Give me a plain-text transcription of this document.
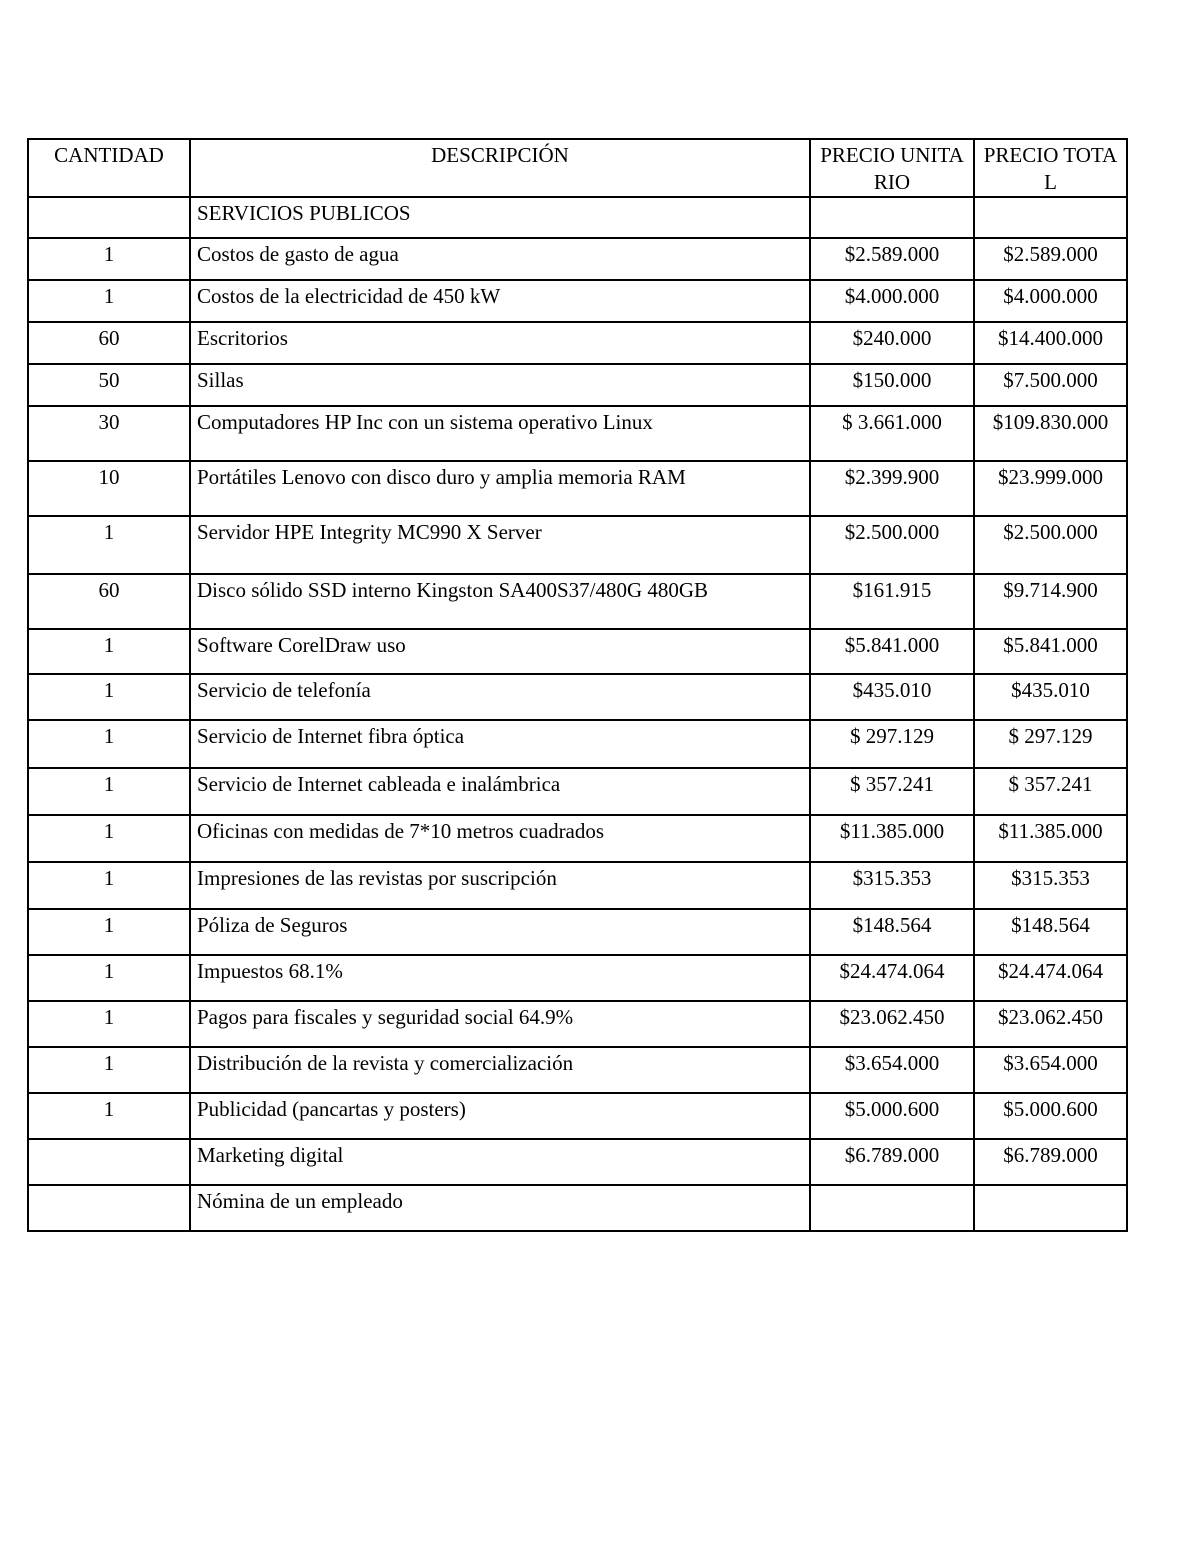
CANTIDAD	DESCRIPCIÓN	PRECIO UNITARIO	PRECIO TOTAL
	SERVICIOS PUBLICOS		
1	Costos de gasto de agua	$2.589.000	$2.589.000
1	Costos de la electricidad de 450 kW	$4.000.000	$4.000.000
60	Escritorios	$240.000	$14.400.000
50	Sillas	$150.000	$7.500.000
30	Computadores HP Inc con un sistema operativo Linux	$ 3.661.000	$109.830.000
10	Portátiles Lenovo con disco duro y amplia memoria RAM	$2.399.900	$23.999.000
1	Servidor HPE Integrity MC990 X Server	$2.500.000	$2.500.000
60	Disco sólido SSD interno Kingston SA400S37/480G 480GB	$161.915	$9.714.900
1	Software CorelDraw uso	$5.841.000	$5.841.000
1	Servicio de telefonía	$435.010	$435.010
1	Servicio de Internet fibra óptica	$ 297.129	$ 297.129
1	Servicio de Internet cableada e inalámbrica	$ 357.241	$ 357.241
1	Oficinas con medidas de 7*10 metros cuadrados	$11.385.000	$11.385.000
1	Impresiones de las revistas por suscripción	$315.353	$315.353
1	Póliza de Seguros	$148.564	$148.564
1	Impuestos 68.1%	$24.474.064	$24.474.064
1	Pagos para fiscales y seguridad social 64.9%	$23.062.450	$23.062.450
1	Distribución de la revista y comercialización	$3.654.000	$3.654.000
1	Publicidad (pancartas y posters)	$5.000.600	$5.000.600
	Marketing digital	$6.789.000	$6.789.000
	Nómina de un empleado		
